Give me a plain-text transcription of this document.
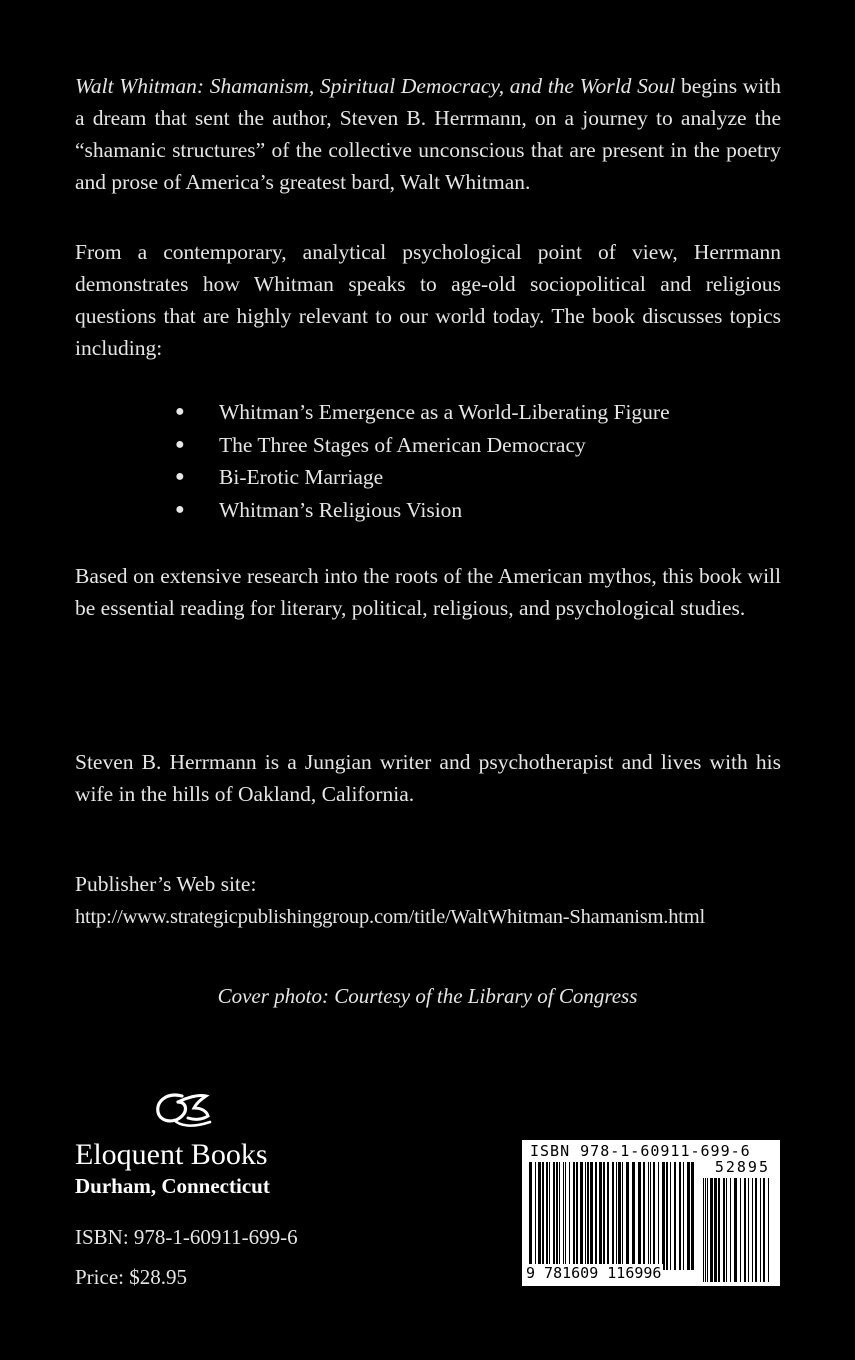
Walt Whitman: Shamanism, Spiritual Democracy, and the World Soul begins with a dream that sent the author, Steven B. Herrmann, on a journey to analyze the “shamanic structures” of the collective unconscious that are present in the poetry and prose of America’s greatest bard, Walt Whitman.

From a contemporary, analytical psychological point of view, Herrmann demonstrates how Whitman speaks to age-old sociopolitical and religious questions that are highly relevant to our world today. The book discusses topics including:

● Whitman’s Emergence as a World-Liberating Figure
● The Three Stages of American Democracy
● Bi-Erotic Marriage
● Whitman’s Religious Vision

Based on extensive research into the roots of the American mythos, this book will be essential reading for literary, political, religious, and psychological studies.

Steven B. Herrmann is a Jungian writer and psychotherapist and lives with his wife in the hills of Oakland, California.

Publisher’s Web site:
http://www.strategicpublishinggroup.com/title/WaltWhitman-Shamanism.html

Cover photo: Courtesy of the Library of Congress
Eloquent Books
Durham, Connecticut
ISBN: 978-1-60911-699-6
Price: $28.95
ISBN 978-1-60911-699-6
52895
9 781609 116996
